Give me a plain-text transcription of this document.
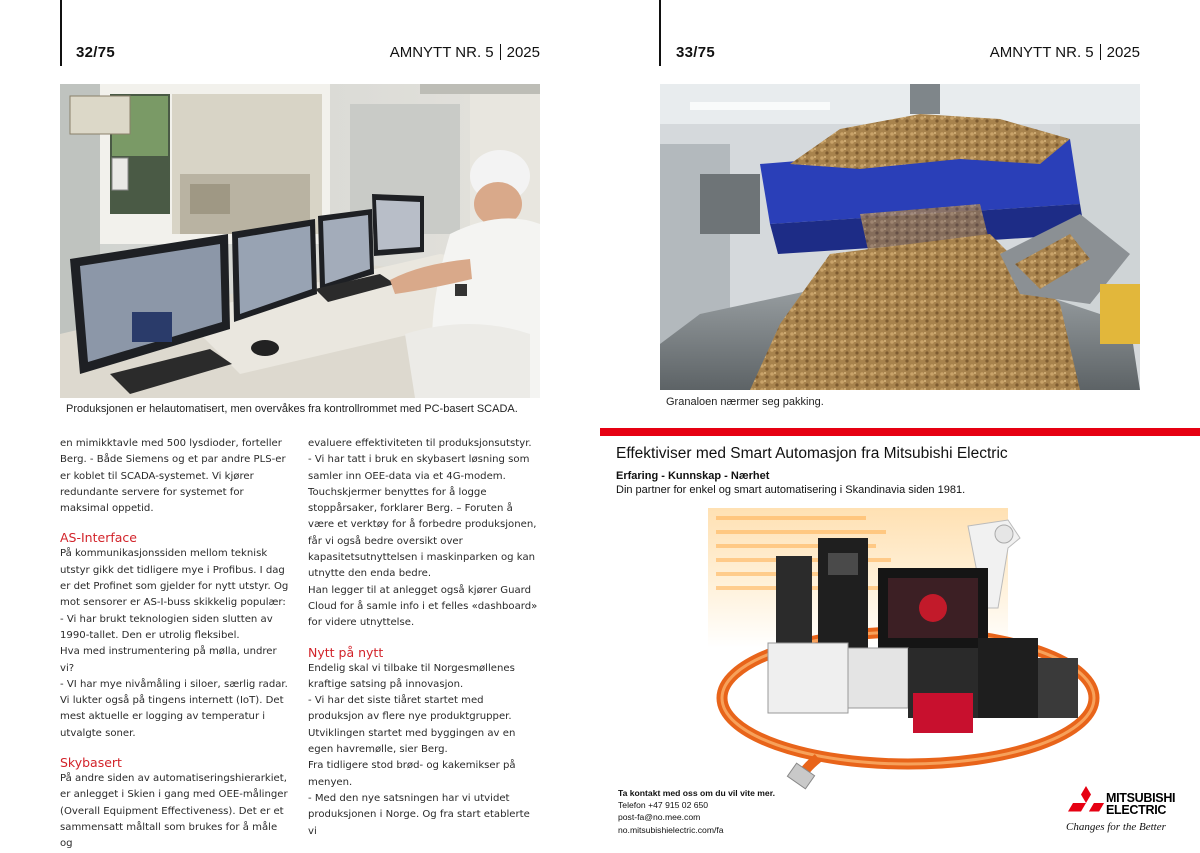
32/75	AMNYTT NR. 5 2025
Produksjonen er helautomatisert, men overvåkes fra kontrollrommet med PC-basert SCADA.

en mimikktavle med 500 lysdioder, forteller Berg. - Både Siemens og et par andre PLS-er er koblet til SCADA-systemet. Vi kjører redundante servere for systemet for maksimal oppetid.

AS-Interface

På kommunikasjonssiden mellom teknisk utstyr gikk det tidligere mye i Profibus. I dag er det Profinet som gjelder for nytt utstyr. Og mot sensorer er AS-I-buss skikkelig populær:

- Vi har brukt teknologien siden slutten av 1990-tallet. Den er utrolig fleksibel.

Hva med instrumentering på mølla, undrer vi?

- VI har mye nivåmåling i siloer, særlig radar. Vi lukter også på tingens internett (IoT). Det mest aktuelle er logging av temperatur i utvalgte soner.

Skybasert

På andre siden av automatiseringshierarkiet, er anlegget i Skien i gang med OEE-målinger (Overall Equipment Effectiveness). Det er et sammensatt måltall som brukes for å måle og

evaluere effektiviteten til produksjonsutstyr.

- Vi har tatt i bruk en skybasert løsning som samler inn OEE-data via et 4G-modem. Touchskjermer benyttes for å logge stoppårsaker, forklarer Berg. – Foruten å være et verktøy for å forbedre produksjonen, får vi også bedre oversikt over kapasitetsutnyttelsen i maskinparken og kan utnytte den enda bedre.

Han legger til at anlegget også kjører Guard Cloud for å samle info i et felles «dashboard» for videre utnyttelse.

Nytt på nytt

Endelig skal vi tilbake til Norgesmøllenes kraftige satsing på innovasjon.

- Vi har det siste tiåret startet med produksjon av flere nye produktgrupper. Utviklingen startet med byggingen av en egen havremølle, sier Berg.

Fra tidligere stod brød- og kakemikser på menyen.

- Med den nye satsningen har vi utvidet produksjonen i Norge. Og fra start etablerte vi

33/75	AMNYTT NR. 5 2025
Granaloen nærmer seg pakking.
Effektiviser med Smart Automasjon fra Mitsubishi Electric
Erfaring - Kunnskap - Nærhet
Din partner for enkel og smart automatisering i Skandinavia siden 1981.
Ta kontakt med oss om du vil vite mer.
Telefon +47 915 02 650
post-fa@no.mee.com
no.mitsubishielectric.com/fa
MITSUBISHI
ELECTRIC
Changes for the Better
